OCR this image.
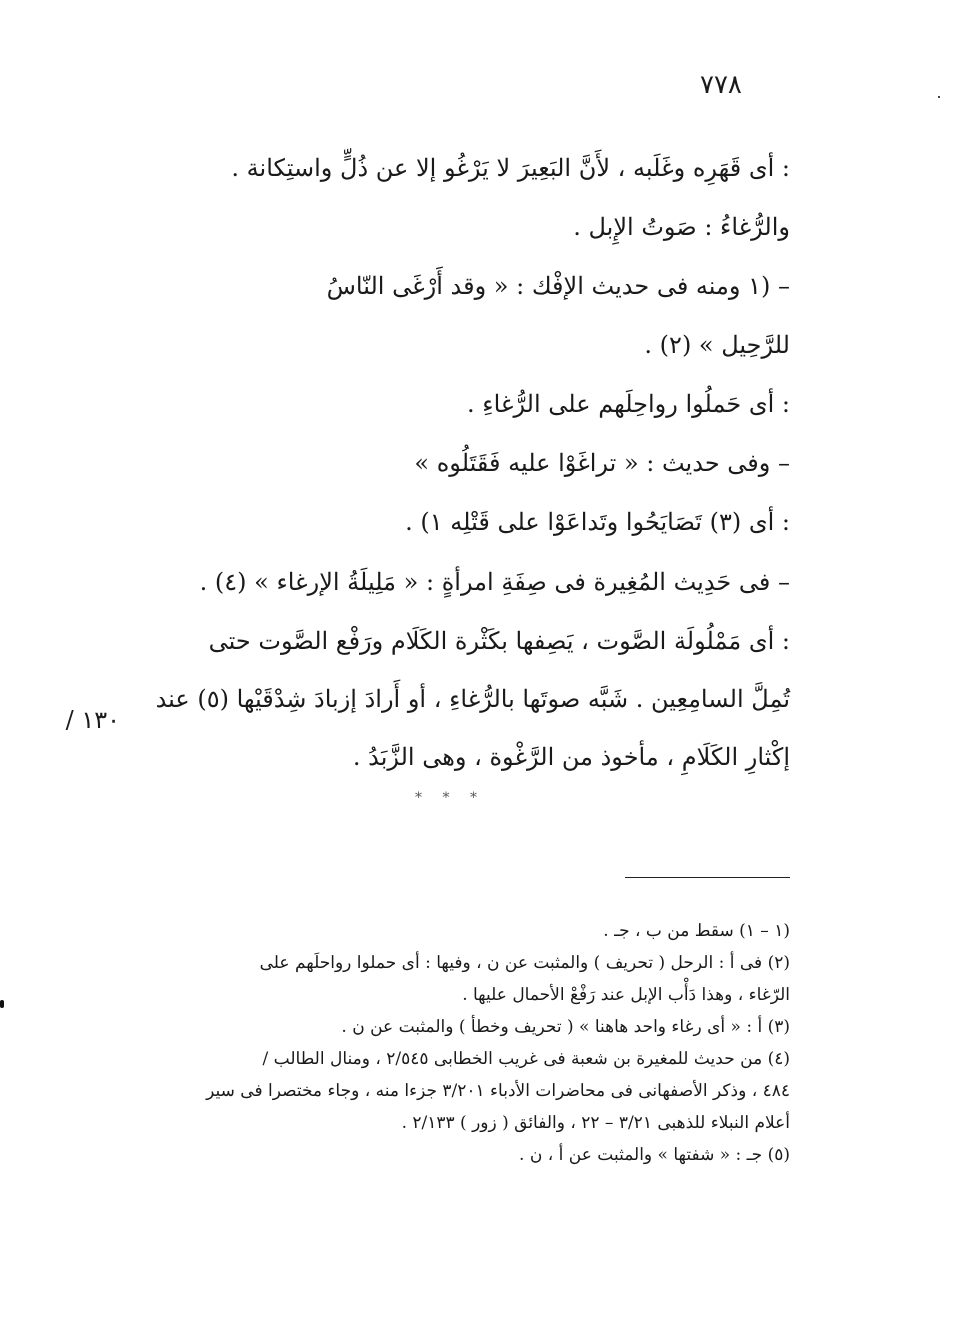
٧٧٨
: أى قَهَرِه وغَلَبه ، لأَنَّ البَعِيرَ لا يَرْغُو إلا عن ذُلٍّ واستِكانة .
والرُّغاءُ : صَوتُ الإِبل .
– (١ ومنه فى حديث الإفْك : « وقد أَرْغَى النّاسُ
للرَّحِيل » (٢) .
: أى حَملُوا رواحِلَهم على الرُّغاءِ .
– وفى حديث : « تراغَوْا عليه فَقَتَلُوه »
: أى (٣) تَصَايَحُوا وتَداعَوْا على قَتْلِه ١) .
– فى حَدِيث المُغِيرة فى صِفَةِ امرأةٍ : « مَلِيلَةُ الإرغاء » (٤) .
: أى مَمْلُولَة الصَّوت ، يَصِفها بكَثْرة الكَلَام ورَفْع الصَّوت حتى
تُمِلَّ السامِعِين . شَبَّه صوتَها بالرُّغاءِ ، أو أَرادَ إزبادَ شِدْقَيْها (٥) عند
إكْثارِ الكَلَامِ ، مأخوذ من الرَّغْوة ، وهى الزَّبَدُ .
١٣٠ /
* * *
(١ – ١) سقط من ب ، جـ .
(٢) فى أ : الرحل ( تحريف ) والمثبت عن ن ، وفيها : أى حملوا رواحلَهم على
الرّغاء ، وهذا دَأْب الإبل عند رَفْعْ الأحمال عليها .
(٣) أ : « أى رغاء واحد هاهنا » ( تحريف وخطأ ) والمثبت عن ن .
(٤) من حديث للمغيرة بن شعبة فى غريب الخطابى ٢/٥٤٥ ، ومنال الطالب /
٤٨٤ ، وذكر الأصفهانى فى محاضرات الأدباء ٣/٢٠١ جزءا منه ، وجاء مختصرا فى سير
أعلام النبلاء للذهبى ٣/٢١ – ٢٢ ، والفائق ( زور ) ٢/١٣٣ .
(٥) جـ : « شفتها » والمثبت عن أ ، ن .
